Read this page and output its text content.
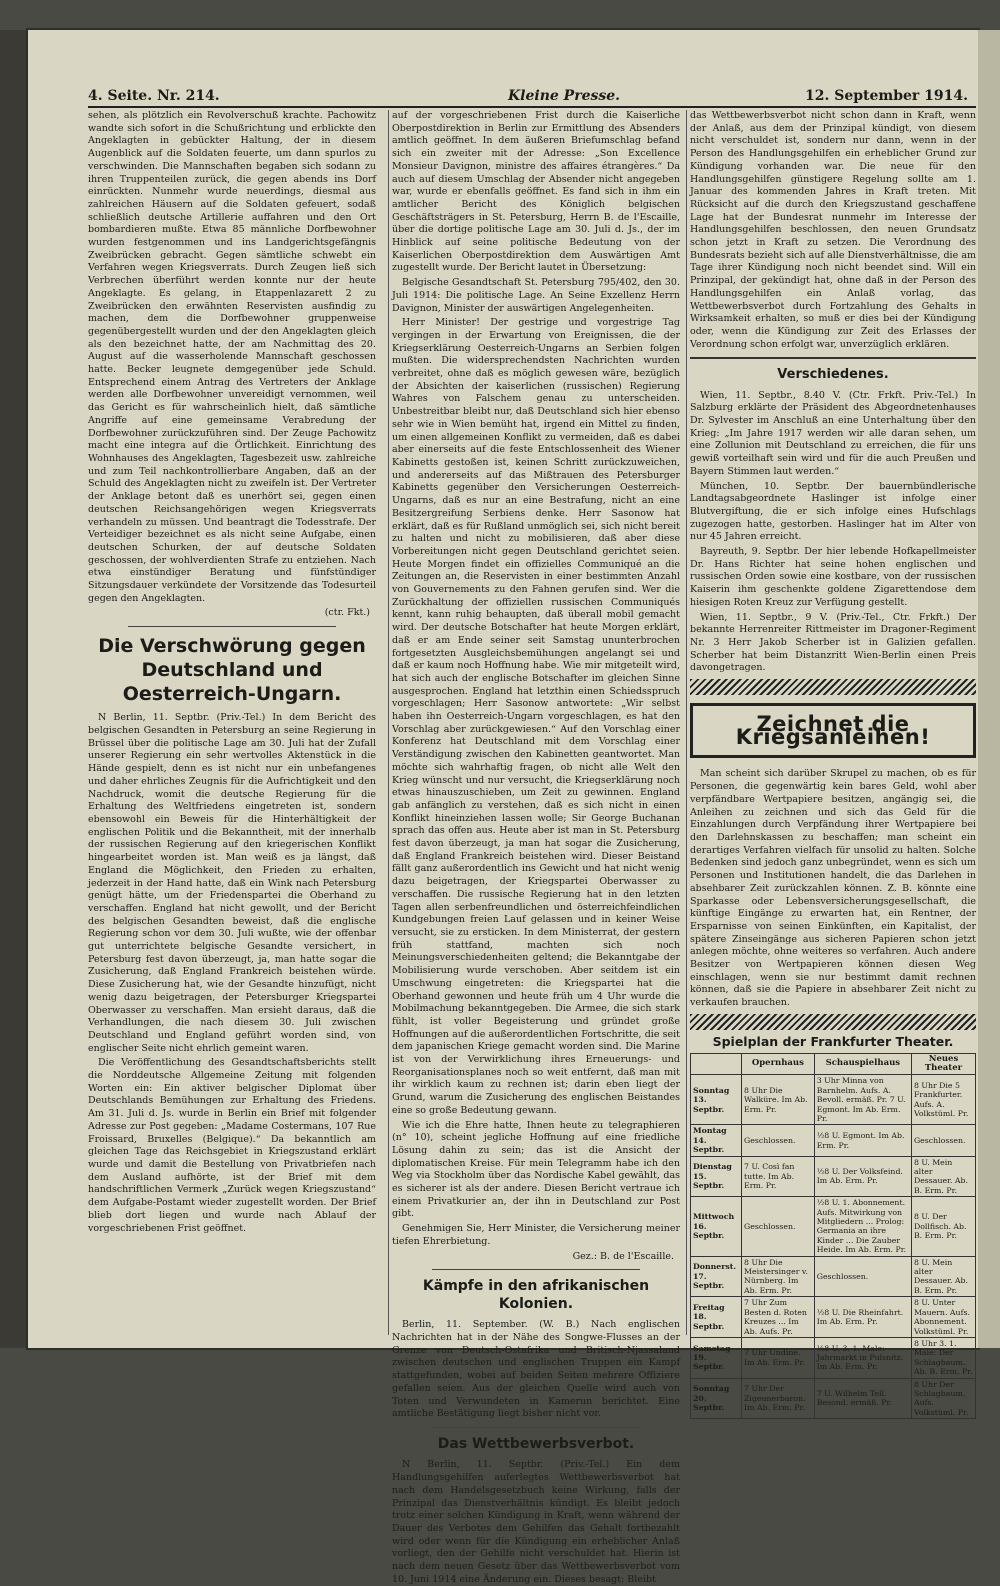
4. Seite. Nr. 214.	Kleine Presse.	12. September 1914.

sehen, als plötzlich ein Revolverschuß krachte. Pachowitz wandte sich sofort in die Schußrichtung und erblickte den Angeklagten in gebückter Haltung, der in diesem Augenblick auf die Soldaten feuerte, um dann spurlos zu verschwinden. Die Mannschaften begaben sich sodann zu ihren Truppenteilen zurück, die gegen abends ins Dorf einrückten. Nunmehr wurde neuerdings, diesmal aus zahlreichen Häusern auf die Soldaten gefeuert, sodaß schließlich deutsche Artillerie auffahren und den Ort bombardieren mußte. Etwa 85 männliche Dorfbewohner wurden festgenommen und ins Landgerichtsgefängnis Zweibrücken gebracht. Gegen sämtliche schwebt ein Verfahren wegen Kriegsverrats. Durch Zeugen ließ sich Verbrechen überführt werden konnte nur der heute Angeklagte. Es gelang, in Etappenlazarett 2 zu Zweibrücken den erwähnten Reservisten ausfindig zu machen, dem die Dorfbewohner gruppenweise gegenübergestellt wurden und der den Angeklagten gleich als den bezeichnet hatte, der am Nachmittag des 20. August auf die wasserholende Mannschaft geschossen hatte. Becker leugnete demgegenüber jede Schuld. Entsprechend einem Antrag des Vertreters der Anklage werden alle Dorfbewohner unvereidigt vernommen, weil das Gericht es für wahrscheinlich hielt, daß sämtliche Angriffe auf eine gemeinsame Verabredung der Dorfbewohner zurückzuführen sind. Der Zeuge Pachowitz macht eine integra auf die Örtlichkeit. Einrichtung des Wohnhauses des Angeklagten, Tagesbezeit usw. zahlreiche und zum Teil nachkontrollierbare Angaben, daß an der Schuld des Angeklagten nicht zu zweifeln ist. Der Vertreter der Anklage betont daß es unerhört sei, gegen einen deutschen Reichsangehörigen wegen Kriegsverrats verhandeln zu müssen. Und beantragt die Todesstrafe. Der Verteidiger bezeichnet es als nicht seine Aufgabe, einen deutschen Schurken, der auf deutsche Soldaten geschossen, der wohlverdienten Strafe zu entziehen. Nach etwa einstündiger Beratung und fünfstündiger Sitzungsdauer verkündete der Vorsitzende das Todesurteil gegen den Angeklagten.

(ctr. Fkt.)
Die Verschwörung gegen Deutschland und Oesterreich-Ungarn.

N Berlin, 11. Septbr. (Priv.-Tel.) In dem Bericht des belgischen Gesandten in Petersburg an seine Regierung in Brüssel über die politische Lage am 30. Juli hat der Zufall unserer Regierung ein sehr wertvolles Aktenstück in die Hände gespielt, denn es ist nicht nur ein unbefangenes und daher ehrliches Zeugnis für die Aufrichtigkeit und den Nachdruck, womit die deutsche Regierung für die Erhaltung des Weltfriedens eingetreten ist, sondern ebensowohl ein Beweis für die Hinterhältigkeit der englischen Politik und die Bekanntheit, mit der innerhalb der russischen Regierung auf den kriegerischen Konflikt hingearbeitet worden ist. Man weiß es ja längst, daß England die Möglichkeit, den Frieden zu erhalten, jederzeit in der Hand hatte, daß ein Wink nach Petersburg genügt hätte, um der Friedenspartei die Oberhand zu verschaffen. England hat nicht gewollt, und der Bericht des belgischen Gesandten beweist, daß die englische Regierung schon vor dem 30. Juli wußte, wie der offenbar gut unterrichtete belgische Gesandte versichert, in Petersburg fest davon überzeugt, ja, man hatte sogar die Zusicherung, daß England Frankreich beistehen würde. Diese Zusicherung hat, wie der Gesandte hinzufügt, nicht wenig dazu beigetragen, der Petersburger Kriegspartei Oberwasser zu verschaffen. Man ersieht daraus, daß die Verhandlungen, die nach diesem 30. Juli zwischen Deutschland und England geführt worden sind, von englischer Seite nicht ehrlich gemeint waren.

Die Veröffentlichung des Gesandtschaftsberichts stellt die Norddeutsche Allgemeine Zeitung mit folgenden Worten ein: Ein aktiver belgischer Diplomat über Deutschlands Bemühungen zur Erhaltung des Friedens. Am 31. Juli d. Js. wurde in Berlin ein Brief mit folgender Adresse zur Post gegeben: „Madame Costermans, 107 Rue Froissard, Bruxelles (Belgique).“ Da bekanntlich am gleichen Tage das Reichsgebiet in Kriegszustand erklärt wurde und damit die Bestellung von Privatbriefen nach dem Ausland aufhörte, ist der Brief mit dem handschriftlichen Vermerk „Zurück wegen Kriegszustand“ dem Aufgabe-Postamt wieder zugestellt worden. Der Brief blieb dort liegen und wurde nach Ablauf der vorgeschriebenen Frist geöffnet.

auf der vorgeschriebenen Frist durch die Kaiserliche Oberpostdirektion in Berlin zur Ermittlung des Absenders amtlich geöffnet. In dem äußeren Briefumschlag befand sich ein zweiter mit der Adresse: „Son Excellence Monsieur Davignon, ministre des affaires étrangères.“ Da auch auf diesem Umschlag der Absender nicht angegeben war, wurde er ebenfalls geöffnet. Es fand sich in ihm ein amtlicher Bericht des Königlich belgischen Geschäftsträgers in St. Petersburg, Herrn B. de l'Escaille, über die dortige politische Lage am 30. Juli d. Js., der im Hinblick auf seine politische Bedeutung von der Kaiserlichen Oberpostdirektion dem Auswärtigen Amt zugestellt wurde. Der Bericht lautet in Übersetzung:

Belgische Gesandtschaft St. Petersburg 795/402, den 30. Juli 1914: Die politische Lage. An Seine Exzellenz Herrn Davignon, Minister der auswärtigen Angelegenheiten.

Herr Minister! Der gestrige und vorgestrige Tag vergingen in der Erwartung von Ereignissen, die der Kriegserklärung Oesterreich-Ungarns an Serbien folgen mußten. Die widersprechendsten Nachrichten wurden verbreitet, ohne daß es möglich gewesen wäre, bezüglich der Absichten der kaiserlichen (russischen) Regierung Wahres von Falschem genau zu unterscheiden. Unbestreitbar bleibt nur, daß Deutschland sich hier ebenso sehr wie in Wien bemüht hat, irgend ein Mittel zu finden, um einen allgemeinen Konflikt zu vermeiden, daß es dabei aber einerseits auf die feste Entschlossenheit des Wiener Kabinetts gestoßen ist, keinen Schritt zurückzuweichen, und andererseits auf das Mißtrauen des Petersburger Kabinetts gegenüber den Versicherungen Oesterreich-Ungarns, daß es nur an eine Bestrafung, nicht an eine Besitzergreifung Serbiens denke. Herr Sasonow hat erklärt, daß es für Rußland unmöglich sei, sich nicht bereit zu halten und nicht zu mobilisieren, daß aber diese Vorbereitungen nicht gegen Deutschland gerichtet seien. Heute Morgen findet ein offizielles Communiqué an die Zeitungen an, die Reservisten in einer bestimmten Anzahl von Gouvernements zu den Fahnen gerufen sind. Wer die Zurückhaltung der offiziellen russischen Communiqués kennt, kann ruhig behaupten, daß überall mobil gemacht wird. Der deutsche Botschafter hat heute Morgen erklärt, daß er am Ende seiner seit Samstag ununterbrochen fortgesetzten Ausgleichsbemühungen angelangt sei und daß er kaum noch Hoffnung habe. Wie mir mitgeteilt wird, hat sich auch der englische Botschafter im gleichen Sinne ausgesprochen. England hat letzthin einen Schiedsspruch vorgeschlagen; Herr Sasonow antwortete: „Wir selbst haben ihn Oesterreich-Ungarn vorgeschlagen, es hat den Vorschlag aber zurückgewiesen.“ Auf den Vorschlag einer Konferenz hat Deutschland mit dem Vorschlag einer Verständigung zwischen den Kabinetten geantwortet. Man möchte sich wahrhaftig fragen, ob nicht alle Welt den Krieg wünscht und nur versucht, die Kriegserklärung noch etwas hinauszuschieben, um Zeit zu gewinnen. England gab anfänglich zu verstehen, daß es sich nicht in einen Konflikt hineinziehen lassen wolle; Sir George Buchanan sprach das offen aus. Heute aber ist man in St. Petersburg fest davon überzeugt, ja man hat sogar die Zusicherung, daß England Frankreich beistehen wird. Dieser Beistand fällt ganz außerordentlich ins Gewicht und hat nicht wenig dazu beigetragen, der Kriegspartei Oberwasser zu verschaffen. Die russische Regierung hat in den letzten Tagen allen serbenfreundlichen und österreichfeindlichen Kundgebungen freien Lauf gelassen und in keiner Weise versucht, sie zu ersticken. In dem Ministerrat, der gestern früh stattfand, machten sich noch Meinungsverschiedenheiten geltend; die Bekanntgabe der Mobilisierung wurde verschoben. Aber seitdem ist ein Umschwung eingetreten: die Kriegspartei hat die Oberhand gewonnen und heute früh um 4 Uhr wurde die Mobilmachung bekanntgegeben. Die Armee, die sich stark fühlt, ist voller Begeisterung und gründet große Hoffnungen auf die außerordentlichen Fortschritte, die seit dem japanischen Kriege gemacht worden sind. Die Marine ist von der Verwirklichung ihres Erneuerungs- und Reorganisationsplanes noch so weit entfernt, daß man mit ihr wirklich kaum zu rechnen ist; darin eben liegt der Grund, warum die Zusicherung des englischen Beistandes eine so große Bedeutung gewann.

Wie ich die Ehre hatte, Ihnen heute zu telegraphieren (n° 10), scheint jegliche Hoffnung auf eine friedliche Lösung dahin zu sein; das ist die Ansicht der diplomatischen Kreise. Für mein Telegramm habe ich den Weg via Stockholm über das Nordische Kabel gewählt, das es sicherer ist als der andere. Diesen Bericht vertraue ich einem Privatkurier an, der ihn in Deutschland zur Post gibt.

Genehmigen Sie, Herr Minister, die Versicherung meiner tiefen Ehrerbietung.

Gez.: B. de l'Escaille.
Kämpfe in den afrikanischen Kolonien.

Berlin, 11. September. (W. B.) Nach englischen Nachrichten hat in der Nähe des Songwe-Flusses an der Grenze von Deutsch-Ostafrika und Britisch-Njassaland zwischen deutschen und englischen Truppen ein Kampf stattgefunden, wobei auf beiden Seiten mehrere Offiziere gefallen seien. Aus der gleichen Quelle wird auch von Toten und Verwundeten in Kamerun berichtet. Eine amtliche Bestätigung liegt bisher nicht vor.

Das Wettbewerbsverbot.

N Berlin, 11. Septbr. (Priv.-Tel.) Ein dem Handlungsgehilfen auferlegtes Wettbewerbsverbot hat nach dem Handelsgesetzbuch keine Wirkung, falls der Prinzipal das Dienstverhältnis kündigt. Es bleibt jedoch trotz einer solchen Kündigung in Kraft, wenn während der Dauer des Verbotes dem Gehilfen das Gehalt fortbezahlt wird oder wenn für die Kündigung ein erheblicher Anlaß vorliegt, den der Gehilfe nicht verschuldet hat. Hierin ist nach dem neuen Gesetz über das Wettbewerbsverbot vom 10. Juni 1914 eine Änderung ein. Dieses besagt: Bleibt

das Wettbewerbsverbot nicht schon dann in Kraft, wenn der Anlaß, aus dem der Prinzipal kündigt, von diesem nicht verschuldet ist, sondern nur dann, wenn in der Person des Handlungsgehilfen ein erheblicher Grund zur Kündigung vorhanden war. Die neue für den Handlungsgehilfen günstigere Regelung sollte am 1. Januar des kommenden Jahres in Kraft treten. Mit Rücksicht auf die durch den Kriegszustand geschaffene Lage hat der Bundesrat nunmehr im Interesse der Handlungsgehilfen beschlossen, den neuen Grundsatz schon jetzt in Kraft zu setzen. Die Verordnung des Bundesrats bezieht sich auf alle Dienstverhältnisse, die am Tage ihrer Kündigung noch nicht beendet sind. Will ein Prinzipal, der gekündigt hat, ohne daß in der Person des Handlungsgehilfen ein Anlaß vorlag, das Wettbewerbsverbot durch Fortzahlung des Gehalts in Wirksamkeit erhalten, so muß er dies bei der Kündigung oder, wenn die Kündigung zur Zeit des Erlasses der Verordnung schon erfolgt war, unverzüglich erklären.

Verschiedenes.

Wien, 11. Septbr., 8.40 V. (Ctr. Frkft. Priv.-Tel.) In Salzburg erklärte der Präsident des Abgeordnetenhauses Dr. Sylvester im Anschluß an eine Unterhaltung über den Krieg: „Im Jahre 1917 werden wir alle daran sehen, um eine Zollunion mit Deutschland zu erreichen, die für uns gewiß vorteilhaft sein wird und für die auch Preußen und Bayern Stimmen laut werden.“

München, 10. Septbr. Der bauernbündlerische Landtagsabgeordnete Haslinger ist infolge einer Blutvergiftung, die er sich infolge eines Hufschlags zugezogen hatte, gestorben. Haslinger hat im Alter von nur 45 Jahren erreicht.

Bayreuth, 9. Septbr. Der hier lebende Hofkapellmeister Dr. Hans Richter hat seine hohen englischen und russischen Orden sowie eine kostbare, von der russischen Kaiserin ihm geschenkte goldene Zigarettendose dem hiesigen Roten Kreuz zur Verfügung gestellt.

Wien, 11. Septbr., 9 V. (Priv.-Tel., Ctr. Frkft.) Der bekannte Herrenreiter Rittmeister im Dragoner-Regiment Nr. 3 Herr Jakob Scherber ist in Galizien gefallen. Scherber hat beim Distanzritt Wien-Berlin einen Preis davongetragen.

Zeichnet die Kriegsanleihen!

Man scheint sich darüber Skrupel zu machen, ob es für Personen, die gegenwärtig kein bares Geld, wohl aber verpfändbare Wertpapiere besitzen, angängig sei, die Anleihen zu zeichnen und sich das Geld für die Einzahlungen durch Verpfändung ihrer Wertpapiere bei den Darlehnskassen zu beschaffen; man scheint ein derartiges Verfahren vielfach für unsolid zu halten. Solche Bedenken sind jedoch ganz unbegründet, wenn es sich um Personen und Institutionen handelt, die das Darlehen in absehbarer Zeit zurückzahlen können. Z. B. könnte eine Sparkasse oder Lebensversicherungsgesellschaft, die künftige Eingänge zu erwarten hat, ein Rentner, der Ersparnisse von seinen Einkünften, ein Kapitalist, der spätere Zinseingänge aus sicheren Papieren schon jetzt anlegen möchte, ohne weiteres so verfahren. Auch andere Besitzer von Wertpapieren können diesen Weg einschlagen, wenn sie nur bestimmt damit rechnen können, daß sie die Papiere in absehbarer Zeit nicht zu verkaufen brauchen.

Spielplan der Frankfurter Theater.
	Opernhaus	Schauspielhaus	Neues Theater
Sonntag 13. Septbr.	8 Uhr Die Walküre. Im Ab. Erm. Pr.	3 Uhr Minna von Barnhelm. Aufs. A. Bevoll. ermäß. Pr. 7 U. Egmont. Im Ab. Erm. Pr.	8 Uhr Die 5 Frankfurter. Aufs. A. Volkstüml. Pr.
Montag 14. Septbr.	Geschlossen.	½8 U. Egmont. Im Ab. Erm. Pr.	Geschlossen.
Dienstag 15. Septbr.	7 U. Così fan tutte. Im Ab. Erm. Pr.	½8 U. Der Volksfeind. Im Ab. Erm. Pr.	8 U. Mein alter Dessauer. Ab. B. Erm. Pr.
Mittwoch 16. Septbr.	Geschlossen.	½8 U. 1. Abonnement. Aufs. Mitwirkung von Mitgliedern ... Prolog: Germania an ihre Kinder ... Die Zauber Heide. Im Ab. Erm. Pr.	8 U. Der Dollfisch. Ab. B. Erm. Pr.
Donnerst. 17. Septbr.	8 Uhr Die Meistersinger v. Nürnberg. Im Ab. Erm. Pr.	Geschlossen.	8 U. Mein alter Dessauer. Ab. B. Erm. Pr.
Freitag 18. Septbr.	7 Uhr Zum Besten d. Roten Kreuzes ... Im Ab. Aufs. Pr.	½8 U. Die Rheinfahrt. Im Ab. Erm. Pr.	8 U. Unter Mauern. Aufs. Abonnement. Volkstüml. Pr.
Samstag 19. Septbr.	7 Uhr Undine. Im Ab. Erm. Pr.	½8 U. 3. 1. Male: Jahrmarkt in Pulsnitz. Im Ab. Erm. Pr.	8 Uhr 3. 1. Male: Der Schlagbaum. Ab. B. Erm. Pr.
Sonntag 20. Septbr.	7 Uhr Der Zigeunerbaron. Im Ab. Erm. Pr.	7 U. Wilhelm Tell. Besond. ermäß. Pr.	8 Uhr Der Schlagbaum. Aufs. Volkstüml. Pr.
